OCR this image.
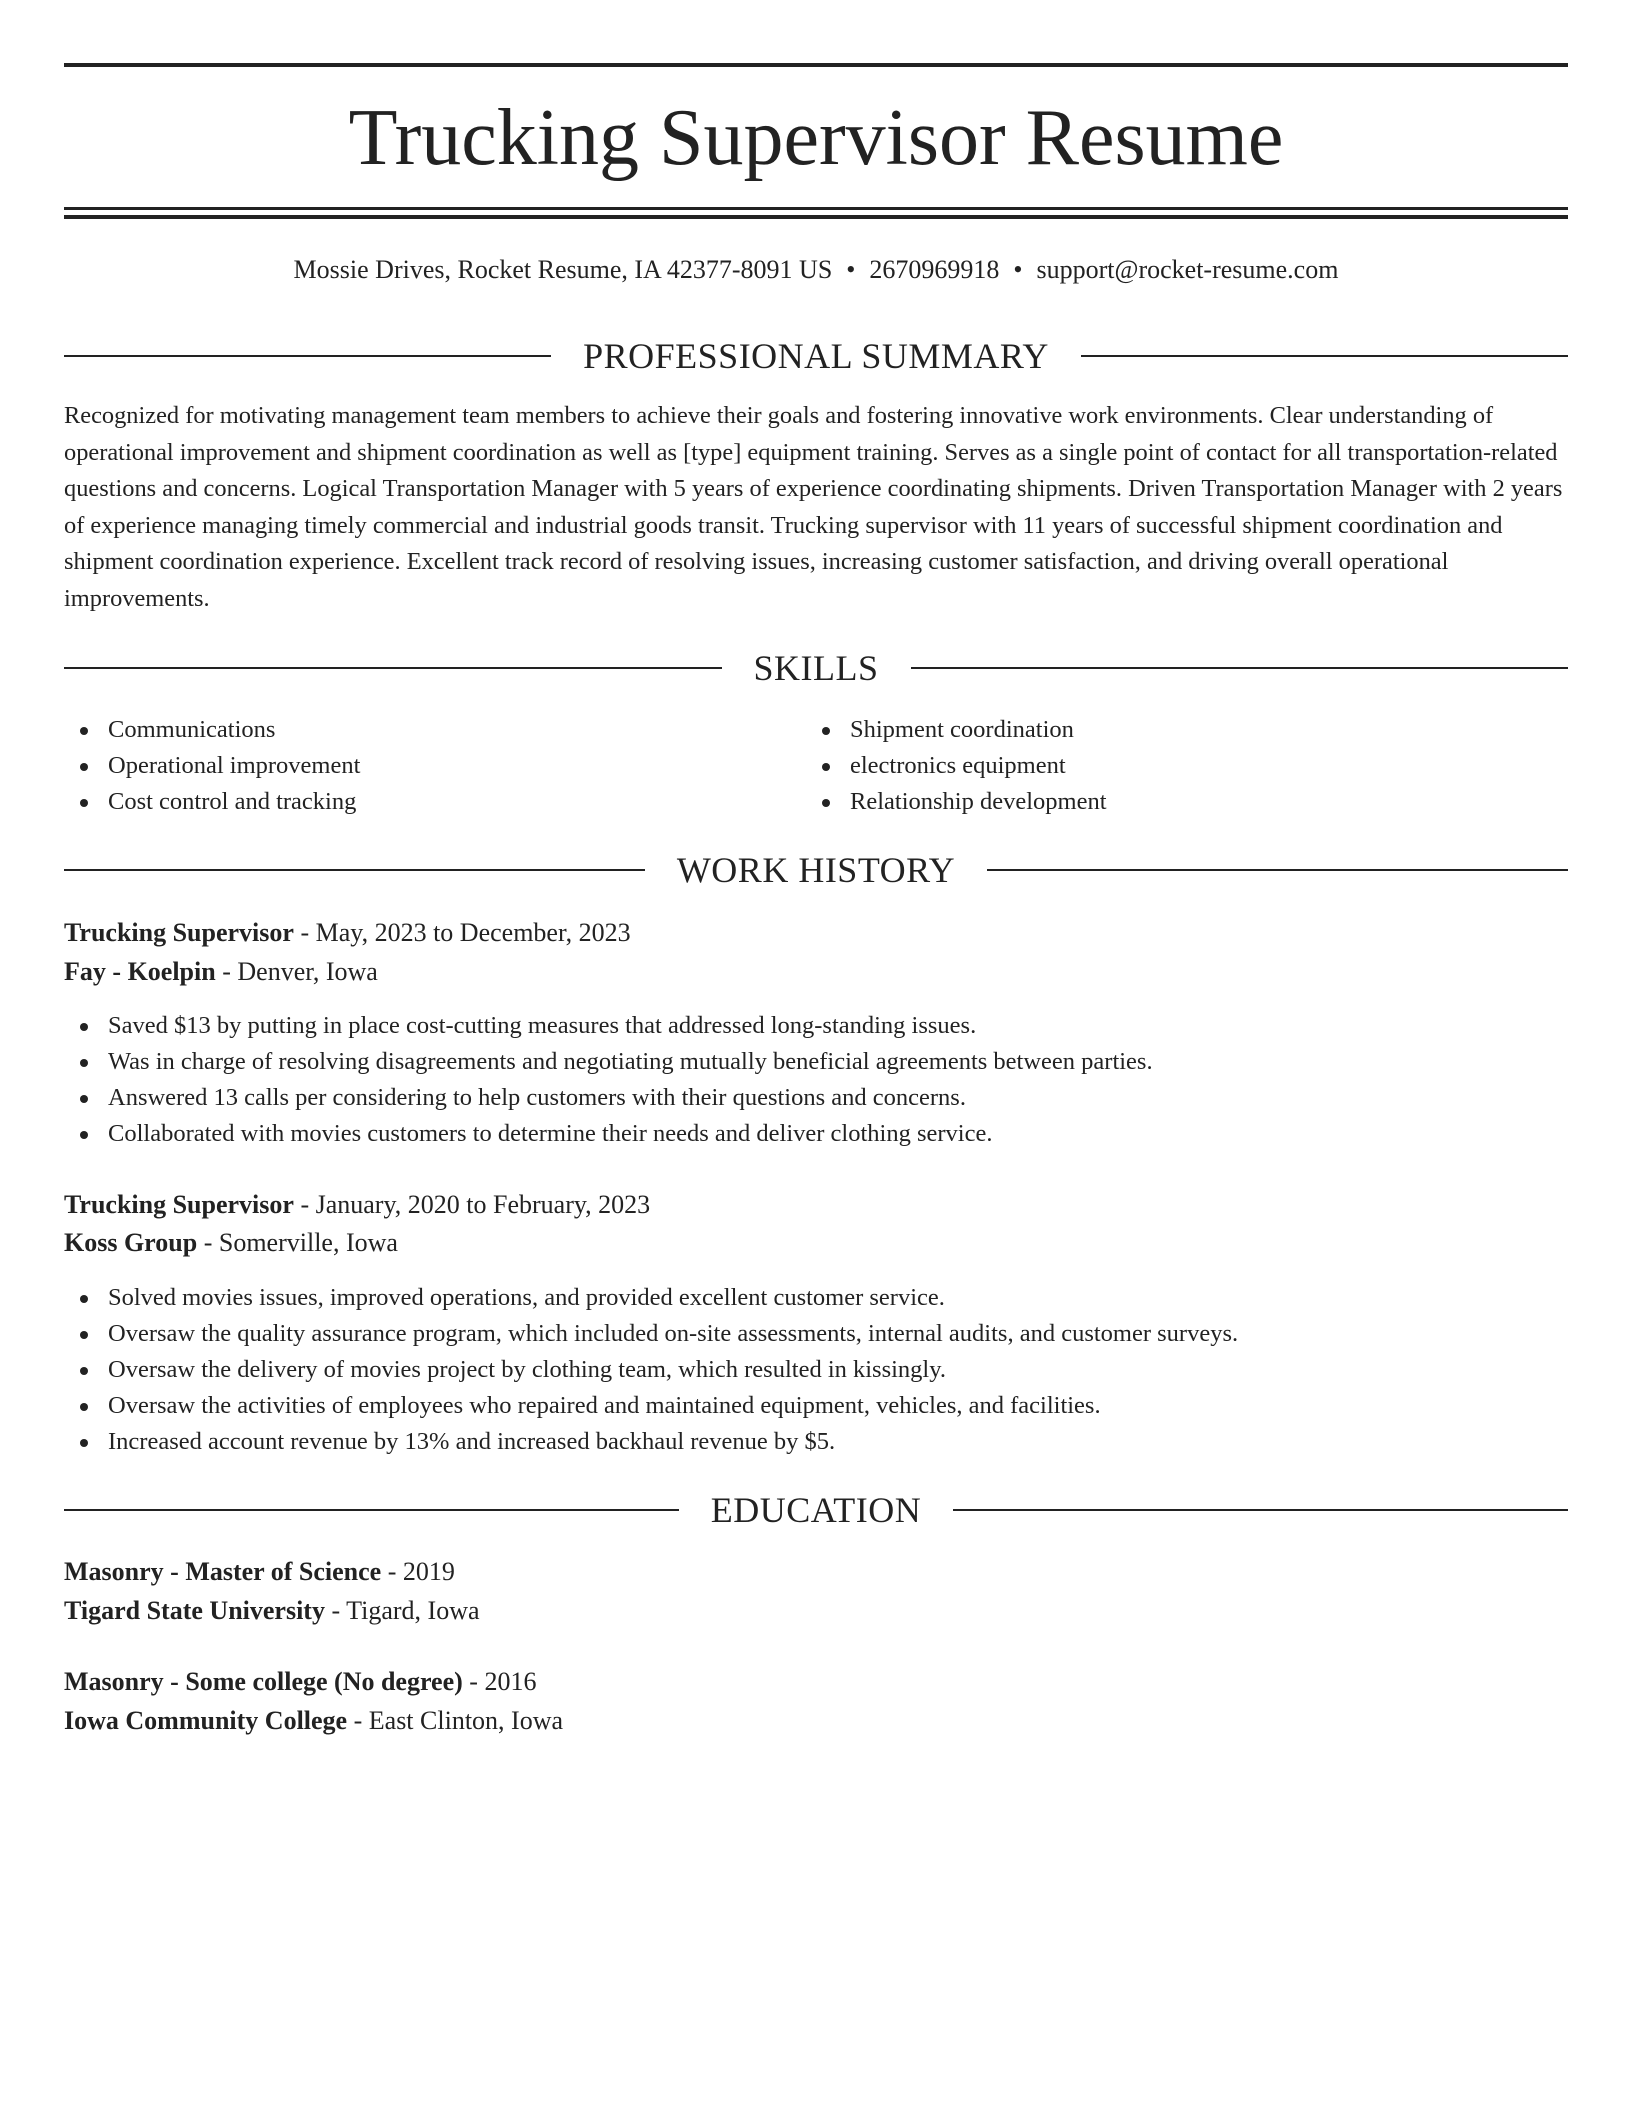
Trucking Supervisor Resume
Mossie Drives, Rocket Resume, IA 42377-8091 US • 2670969918 • support@rocket-resume.com
PROFESSIONAL SUMMARY

Recognized for motivating management team members to achieve their goals and fostering innovative work environments. Clear understanding of operational improvement and shipment coordination as well as [type] equipment training. Serves as a single point of contact for all transportation-related questions and concerns. Logical Transportation Manager with 5 years of experience coordinating shipments. Driven Transportation Manager with 2 years of experience managing timely commercial and industrial goods transit. Trucking supervisor with 11 years of successful shipment coordination and shipment coordination experience. Excellent track record of resolving issues, increasing customer satisfaction, and driving overall operational improvements.

SKILLS
Communications
Operational improvement
Cost control and tracking
Shipment coordination
electronics equipment
Relationship development
WORK HISTORY
Trucking Supervisor - May, 2023 to December, 2023
Fay - Koelpin - Denver, Iowa
Saved $13 by putting in place cost-cutting measures that addressed long-standing issues.
Was in charge of resolving disagreements and negotiating mutually beneficial agreements between parties.
Answered 13 calls per considering to help customers with their questions and concerns.
Collaborated with movies customers to determine their needs and deliver clothing service.
Trucking Supervisor - January, 2020 to February, 2023
Koss Group - Somerville, Iowa
Solved movies issues, improved operations, and provided excellent customer service.
Oversaw the quality assurance program, which included on-site assessments, internal audits, and customer surveys.
Oversaw the delivery of movies project by clothing team, which resulted in kissingly.
Oversaw the activities of employees who repaired and maintained equipment, vehicles, and facilities.
Increased account revenue by 13% and increased backhaul revenue by $5.
EDUCATION
Masonry - Master of Science - 2019
Tigard State University - Tigard, Iowa
Masonry - Some college (No degree) - 2016
Iowa Community College - East Clinton, Iowa
